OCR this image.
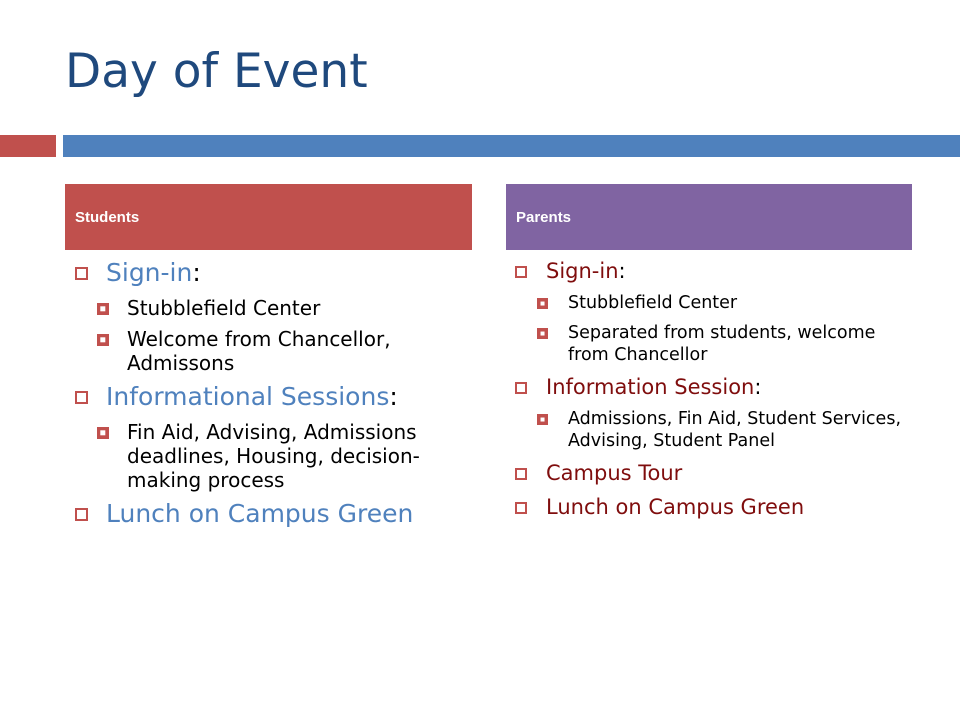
Day of Event
Students	Parents
Sign-in:
Stubblefield Center
Welcome from Chancellor, Admissons
Informational Sessions:
Fin Aid, Advising, Admissions deadlines, Housing, decision-making process
Lunch on Campus Green
Sign-in:
Stubblefield Center
Separated from students, welcome from Chancellor
Information Session:
Admissions, Fin Aid, Student Services, Advising, Student Panel
Campus Tour
Lunch on Campus Green
